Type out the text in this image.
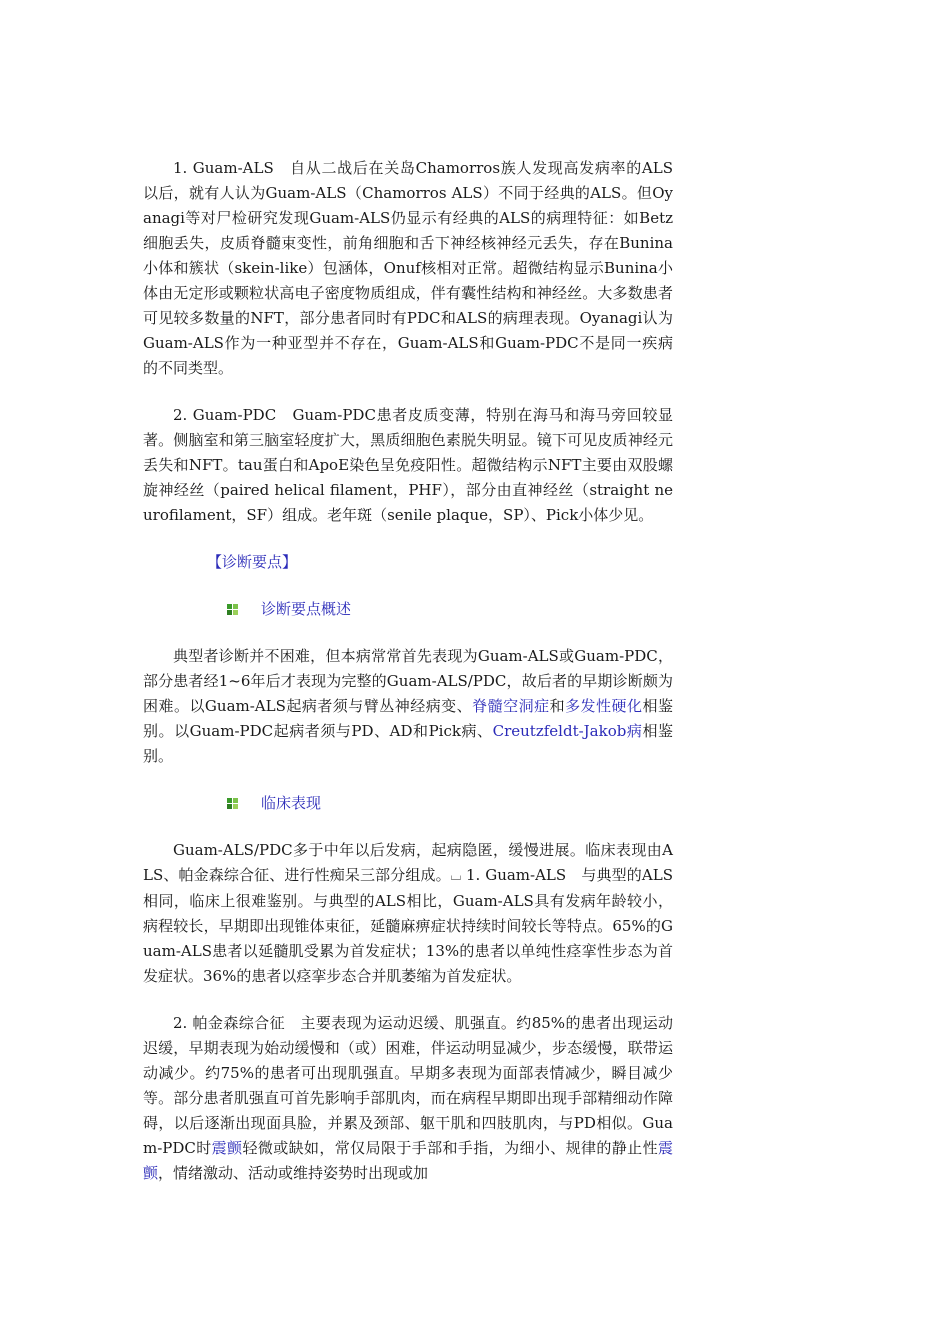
1. Guam-ALS　自从二战后在关岛Chamorros族人发现高发病率的ALS以后，就有人认为Guam-ALS（Chamorros ALS）不同于经典的ALS。但Oyanagi等对尸检研究发现Guam-ALS仍显示有经典的ALS的病理特征：如Betz细胞丢失，皮质脊髓束变性，前角细胞和舌下神经核神经元丢失，存在Bunina小体和簇状（skein-like）包涵体，Onuf核相对正常。超微结构显示Bunina小体由无定形或颗粒状高电子密度物质组成，伴有囊性结构和神经丝。大多数患者可见较多数量的NFT，部分患者同时有PDC和ALS的病理表现。Oyanagi认为Guam-ALS作为一种亚型并不存在，Guam-ALS和Guam-PDC不是同一疾病的不同类型。

2. Guam-PDC　Guam-PDC患者皮质变薄，特别在海马和海马旁回较显著。侧脑室和第三脑室轻度扩大，黑质细胞色素脱失明显。镜下可见皮质神经元丢失和NFT。tau蛋白和ApoE染色呈免疫阳性。超微结构示NFT主要由双股螺旋神经丝（paired helical filament，PHF），部分由直神经丝（straight neurofilament，SF）组成。老年斑（senile plaque，SP）、Pick小体少见。

【诊断要点】
诊断要点概述

典型者诊断并不困难，但本病常常首先表现为Guam-ALS或Guam-PDC，部分患者经1~6年后才表现为完整的Guam-ALS/PDC，故后者的早期诊断颇为困难。以Guam-ALS起病者须与臂丛神经病变、脊髓空洞症和多发性硬化相鉴别。以Guam-PDC起病者须与PD、AD和Pick病、Creutzfeldt-Jakob病相鉴别。

临床表现

Guam-ALS/PDC多于中年以后发病，起病隐匿，缓慢进展。临床表现由ALS、帕金森综合征、进行性痴呆三部分组成。⌴ 1. Guam-ALS　与典型的ALS相同，临床上很难鉴别。与典型的ALS相比，Guam-ALS具有发病年龄较小，病程较长，早期即出现锥体束征，延髓麻痹症状持续时间较长等特点。65%的Guam-ALS患者以延髓肌受累为首发症状；13%的患者以单纯性痉挛性步态为首发症状。36%的患者以痉挛步态合并肌萎缩为首发症状。

2. 帕金森综合征　主要表现为运动迟缓、肌强直。约85%的患者出现运动迟缓，早期表现为始动缓慢和（或）困难，伴运动明显减少，步态缓慢，联带运动减少。约75%的患者可出现肌强直。早期多表现为面部表情减少，瞬目减少等。部分患者肌强直可首先影响手部肌肉，而在病程早期即出现手部精细动作障碍，以后逐渐出现面具脸，并累及颈部、躯干肌和四肢肌肉，与PD相似。Guam-PDC时震颤轻微或缺如，常仅局限于手部和手指，为细小、规律的静止性震颤，情绪激动、活动或维持姿势时出现或加
